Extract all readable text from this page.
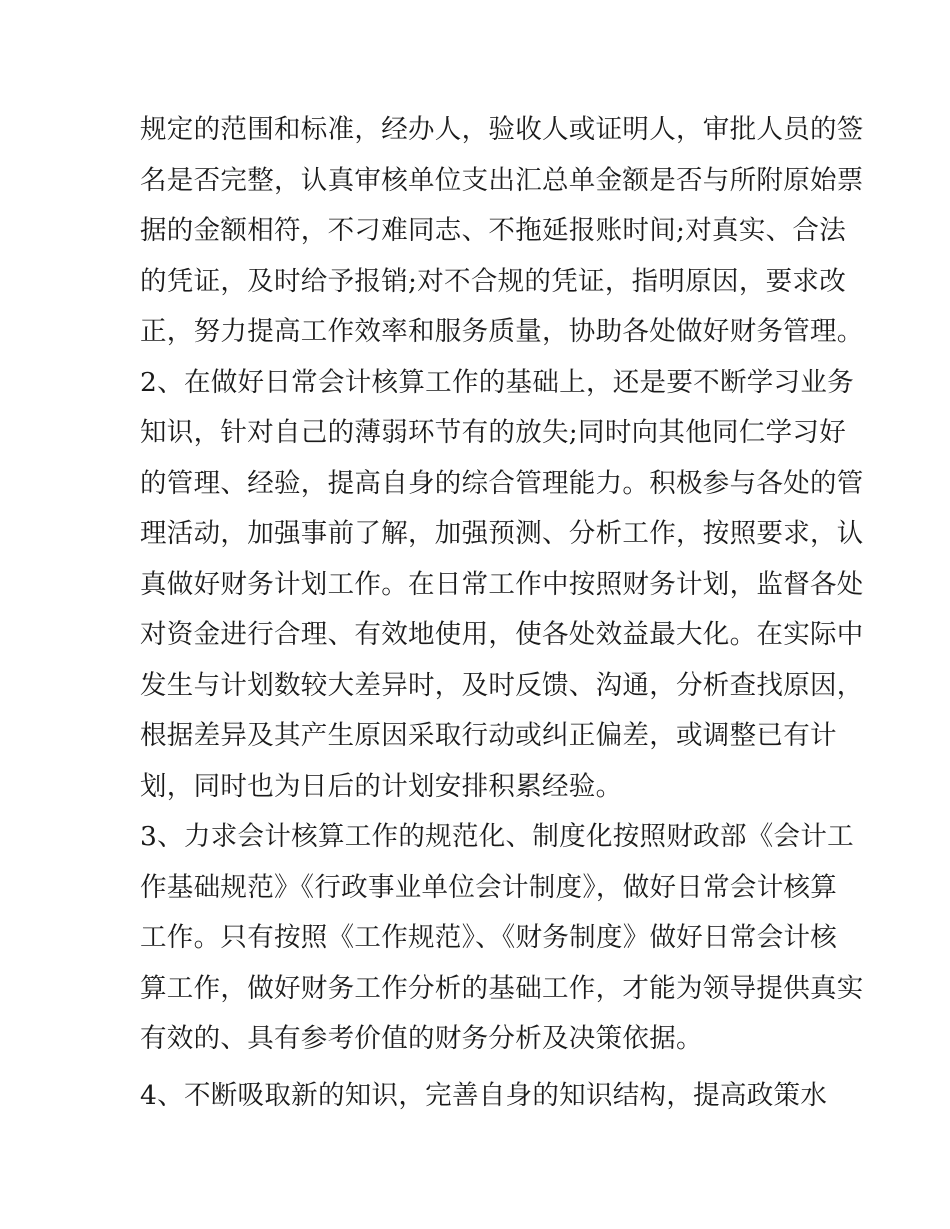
规定的范围和标准，经办人，验收人或证明人，审批人员的签
名是否完整，认真审核单位支出汇总单金额是否与所附原始票
据的金额相符，不刁难同志、不拖延报账时间;对真实、合法
的凭证，及时给予报销;对不合规的凭证，指明原因，要求改
正，努力提高工作效率和服务质量，协助各处做好财务管理。
2、在做好日常会计核算工作的基础上，还是要不断学习业务
知识，针对自己的薄弱环节有的放失;同时向其他同仁学习好
的管理、经验，提高自身的综合管理能力。积极参与各处的管
理活动，加强事前了解，加强预测、分析工作，按照要求，认
真做好财务计划工作。在日常工作中按照财务计划，监督各处
对资金进行合理、有效地使用，使各处效益最大化。在实际中
发生与计划数较大差异时，及时反馈、沟通，分析查找原因，
根据差异及其产生原因采取行动或纠正偏差，或调整已有计
划，同时也为日后的计划安排积累经验。
3、力求会计核算工作的规范化、制度化按照财政部《会计工
作基础规范》《行政事业单位会计制度》，做好日常会计核算
工作。只有按照《工作规范》、《财务制度》做好日常会计核
算工作，做好财务工作分析的基础工作，才能为领导提供真实
有效的、具有参考价值的财务分析及决策依据。
4、不断吸取新的知识，完善自身的知识结构，提高政策水
